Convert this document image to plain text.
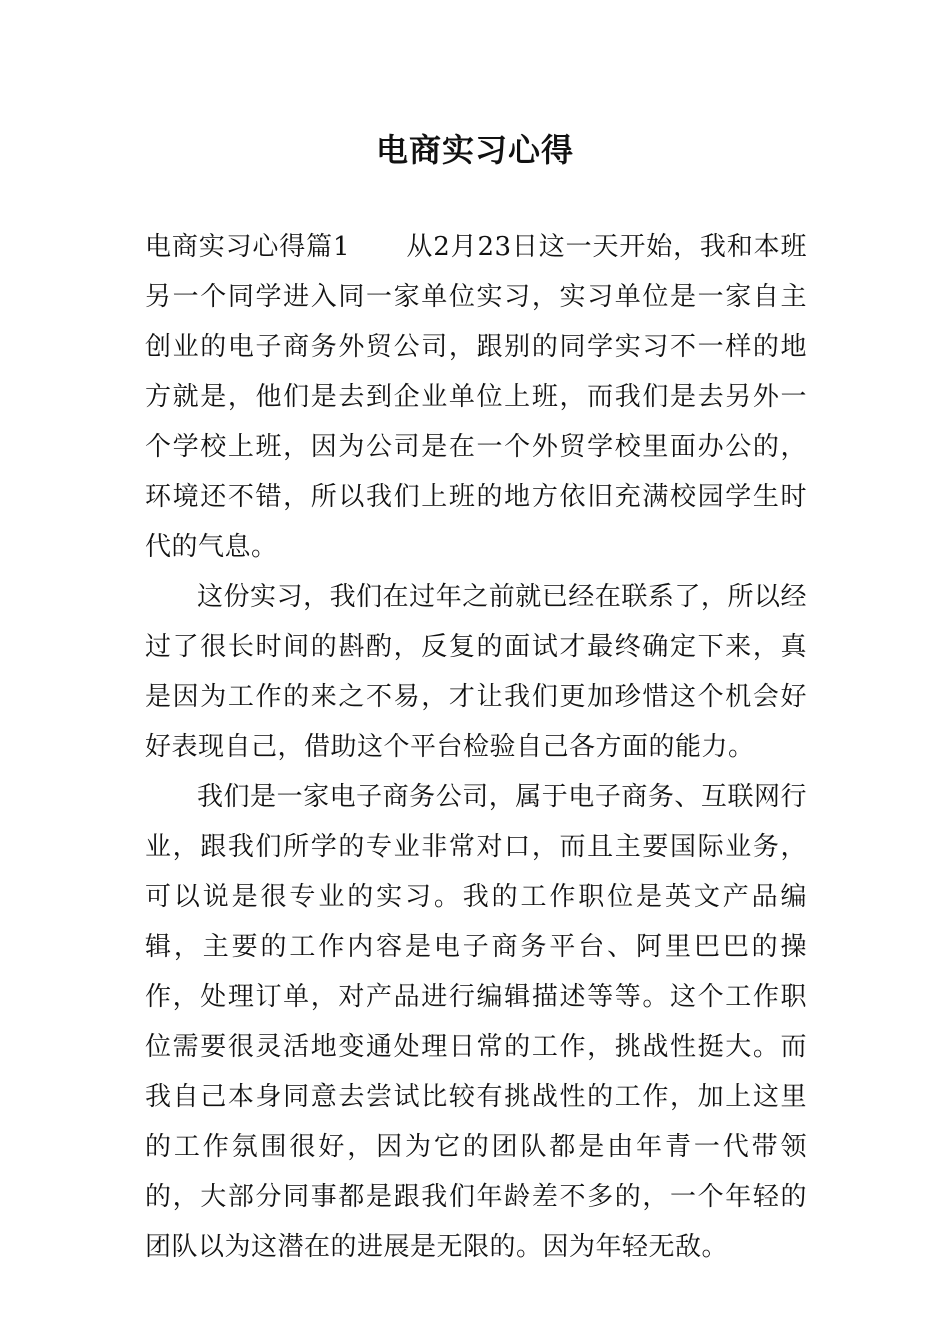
电商实习心得

电商实习心得篇1 从2月23日这一天开始，我和本班另一个同学进入同一家单位实习，实习单位是一家自主创业的电子商务外贸公司，跟别的同学实习不一样的地方就是，他们是去到企业单位上班，而我们是去另外一个学校上班，因为公司是在一个外贸学校里面办公的，环境还不错，所以我们上班的地方依旧充满校园学生时代的气息。

这份实习，我们在过年之前就已经在联系了，所以经过了很长时间的斟酌，反复的面试才最终确定下来，真是因为工作的来之不易，才让我们更加珍惜这个机会好好表现自己，借助这个平台检验自己各方面的能力。

我们是一家电子商务公司，属于电子商务、互联网行业，跟我们所学的专业非常对口，而且主要国际业务，可以说是很专业的实习。我的工作职位是英文产品编辑，主要的工作内容是电子商务平台、阿里巴巴的操作，处理订单，对产品进行编辑描述等等。这个工作职位需要很灵活地变通处理日常的工作，挑战性挺大。而我自己本身同意去尝试比较有挑战性的工作，加上这里的工作氛围很好，因为它的团队都是由年青一代带领的，大部分同事都是跟我们年龄差不多的，一个年轻的团队以为这潜在的进展是无限的。因为年轻无敌。
